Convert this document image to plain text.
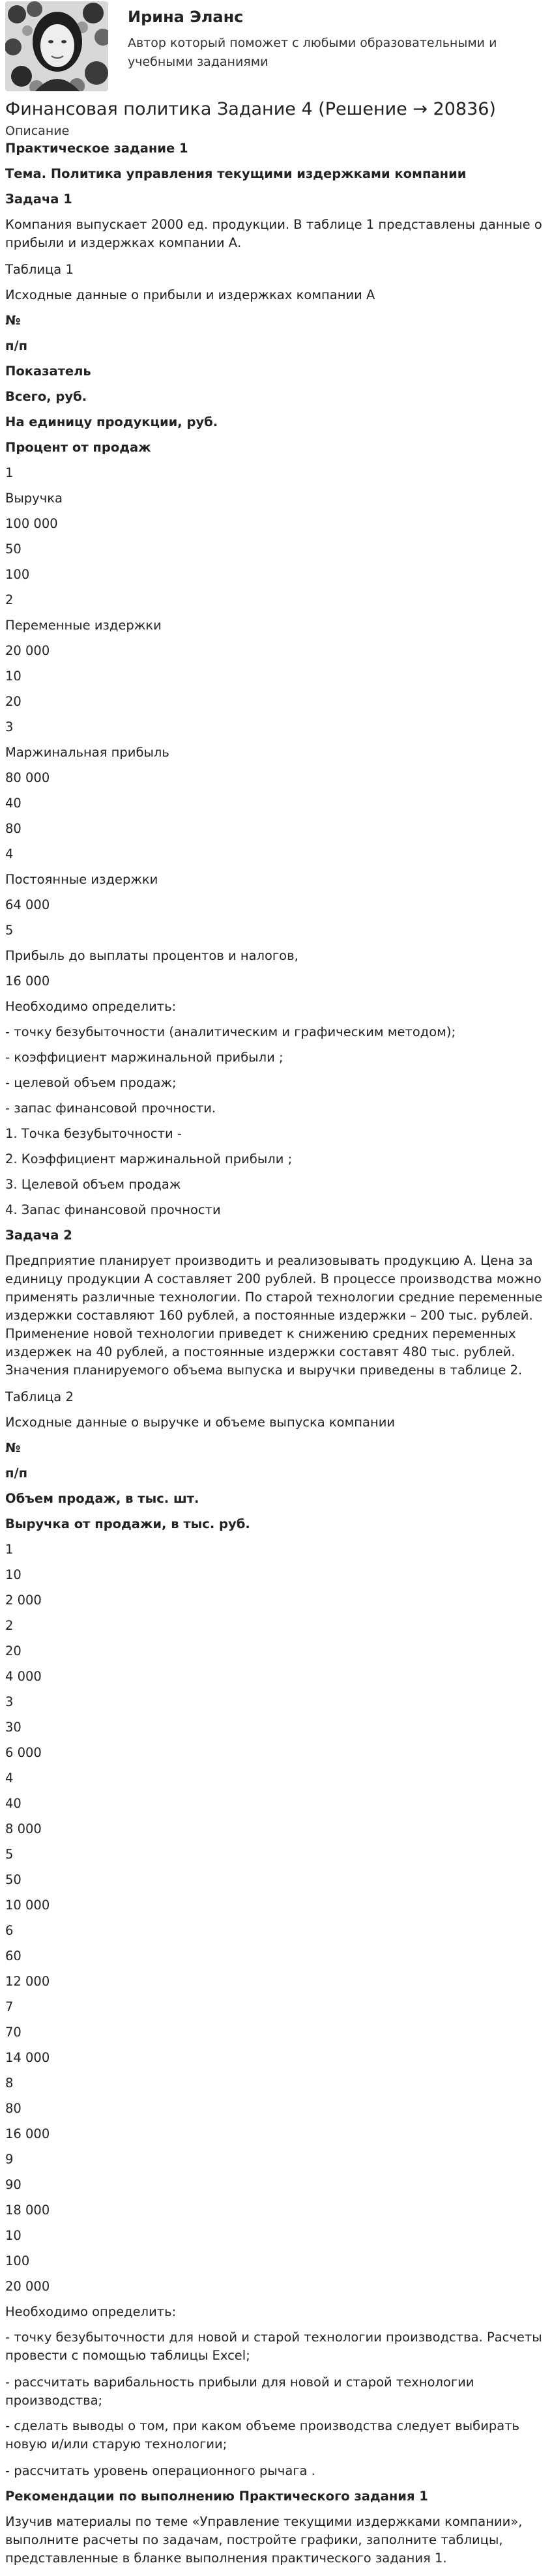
Ирина Эланс
Автор который поможет с любыми образовательными и учебными заданиями
Финансовая политика Задание 4 (Решение → 20836)
Описание
Практическое задание 1
Тема. Политика управления текущими издержками компании
Задача 1
Компания выпускает 2000 ед. продукции. В таблице 1 представлены данные о прибыли и издержках компании А.
Таблица 1
Исходные данные о прибыли и издержках компании А
№
п/п
Показатель
Всего, руб.
На единицу продукции, руб.
Процент от продаж
1
Выручка
100 000
50
100
2
Переменные издержки
20 000
10
20
3
Маржинальная прибыль
80 000
40
80
4
Постоянные издержки
64 000
5
Прибыль до выплаты процентов и налогов,
16 000
Необходимо определить:
- точку безубыточности (аналитическим и графическим методом);
- коэффициент маржинальной прибыли ;
- целевой объем продаж;
- запас финансовой прочности.
1. Точка безубыточности -
2. Коэффициент маржинальной прибыли ;
3. Целевой объем продаж
4. Запас финансовой прочности
Задача 2
Предприятие планирует производить и реализовывать продукцию А. Цена за единицу продукции А составляет 200 рублей. В процессе производства можно применять различные технологии. По старой технологии средние переменные издержки составляют 160 рублей, а постоянные издержки – 200 тыс. рублей. Применение новой технологии приведет к снижению средних переменных издержек на 40 рублей, а постоянные издержки составят 480 тыс. рублей. Значения планируемого объема выпуска и выручки приведены в таблице 2.
Таблица 2
Исходные данные о выручке и объеме выпуска компании
№
п/п
Объем продаж, в тыс. шт.
Выручка от продажи, в тыс. руб.
1
10
2 000
2
20
4 000
3
30
6 000
4
40
8 000
5
50
10 000
6
60
12 000
7
70
14 000
8
80
16 000
9
90
18 000
10
100
20 000
Необходимо определить:
- точку безубыточности для новой и старой технологии производства. Расчеты провести с помощью таблицы Excel;
- рассчитать варибальность прибыли для новой и старой технологии производства;
- сделать выводы о том, при каком объеме производства следует выбирать новую и/или старую технологии;
- рассчитать уровень операционного рычага .
Рекомендации по выполнению Практического задания 1
Изучив материалы по теме «Управление текущими издержками компании», выполните расчеты по задачам, постройте графики, заполните таблицы, представленные в бланке выполнения практического задания 1.
